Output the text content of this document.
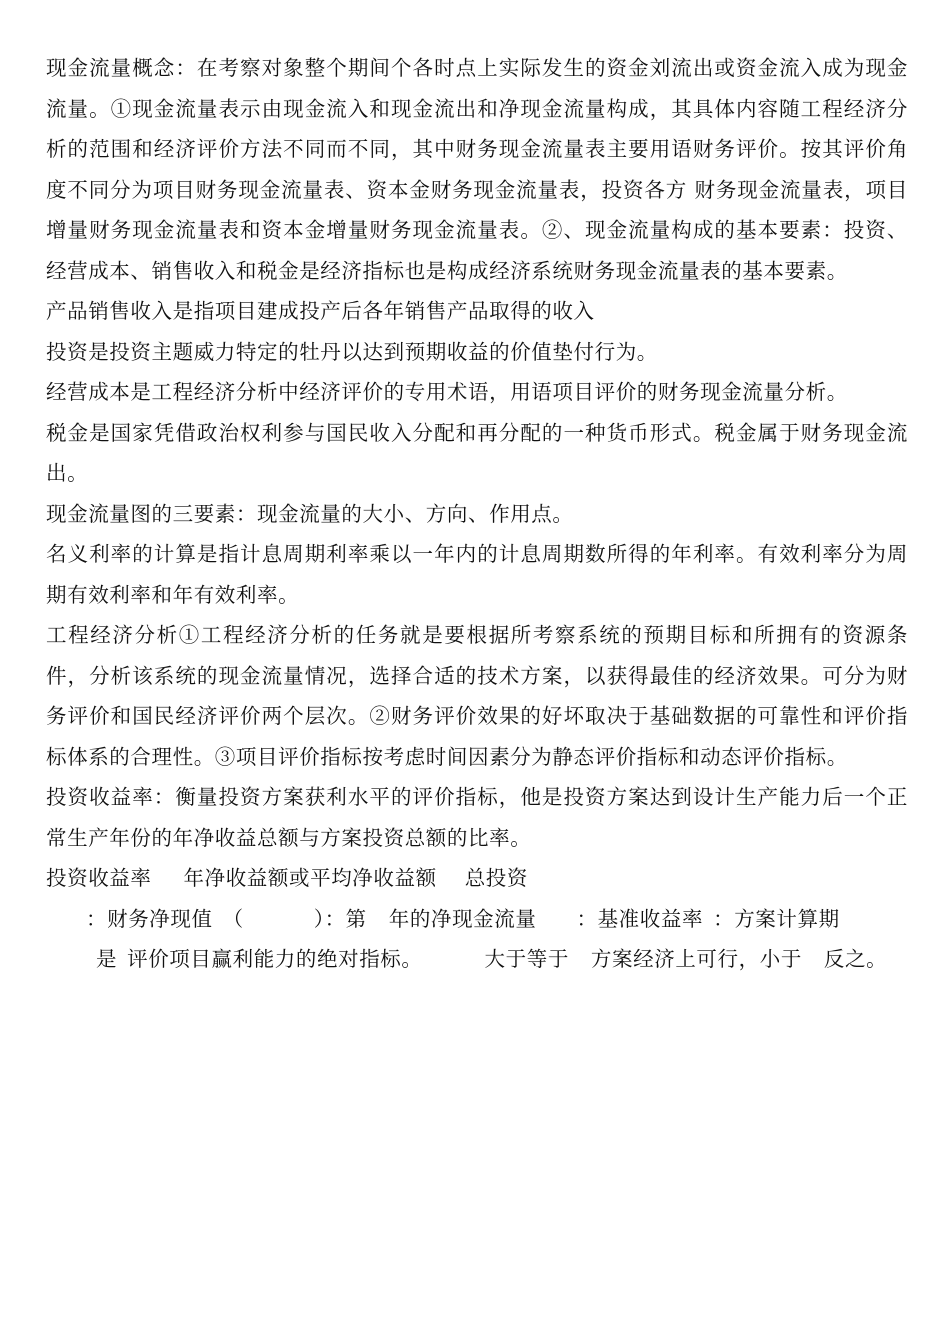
现金流量概念：在考察对象整个期间个各时点上实际发生的资金刘流出或资金流入成为现金流量。①现金流量表示由现金流入和现金流出和净现金流量构成，其具体内容随工程经济分析的范围和经济评价方法不同而不同，其中财务现金流量表主要用语财务评价。按其评价角度不同分为项目财务现金流量表、资本金财务现金流量表，投资各方 财务现金流量表，项目增量财务现金流量表和资本金增量财务现金流量表。②、现金流量构成的基本要素：投资、经营成本、销售收入和税金是经济指标也是构成经济系统财务现金流量表的基本要素。

产品销售收入是指项目建成投产后各年销售产品取得的收入

投资是投资主题威力特定的牡丹以达到预期收益的价值垫付行为。

经营成本是工程经济分析中经济评价的专用术语，用语项目评价的财务现金流量分析。

税金是国家凭借政治权利参与国民收入分配和再分配的一种货币形式。税金属于财务现金流出。

现金流量图的三要素：现金流量的大小、方向、作用点。

名义利率的计算是指计息周期利率乘以一年内的计息周期数所得的年利率。有效利率分为周期有效利率和年有效利率。

工程经济分析①工程经济分析的任务就是要根据所考察系统的预期目标和所拥有的资源条件，分析该系统的现金流量情况，选择合适的技术方案，以获得最佳的经济效果。可分为财务评价和国民经济评价两个层次。②财务评价效果的好坏取决于基础数据的可靠性和评价指标体系的合理性。③项目评价指标按考虑时间因素分为静态评价指标和动态评价指标。

投资收益率：衡量投资方案获利水平的评价指标，他是投资方案达到设计生产能力后一个正常生产年份的年净收益总额与方案投资总额的比率。

投资收益率 年净收益额或平均净收益额 总投资

：财务净现值 （	）：第 年的净现金流量 ：基准收益率 ：方案计算期

是 评价项目赢利能力的绝对指标。	大于等于 方案经济上可行，小于 反之。
